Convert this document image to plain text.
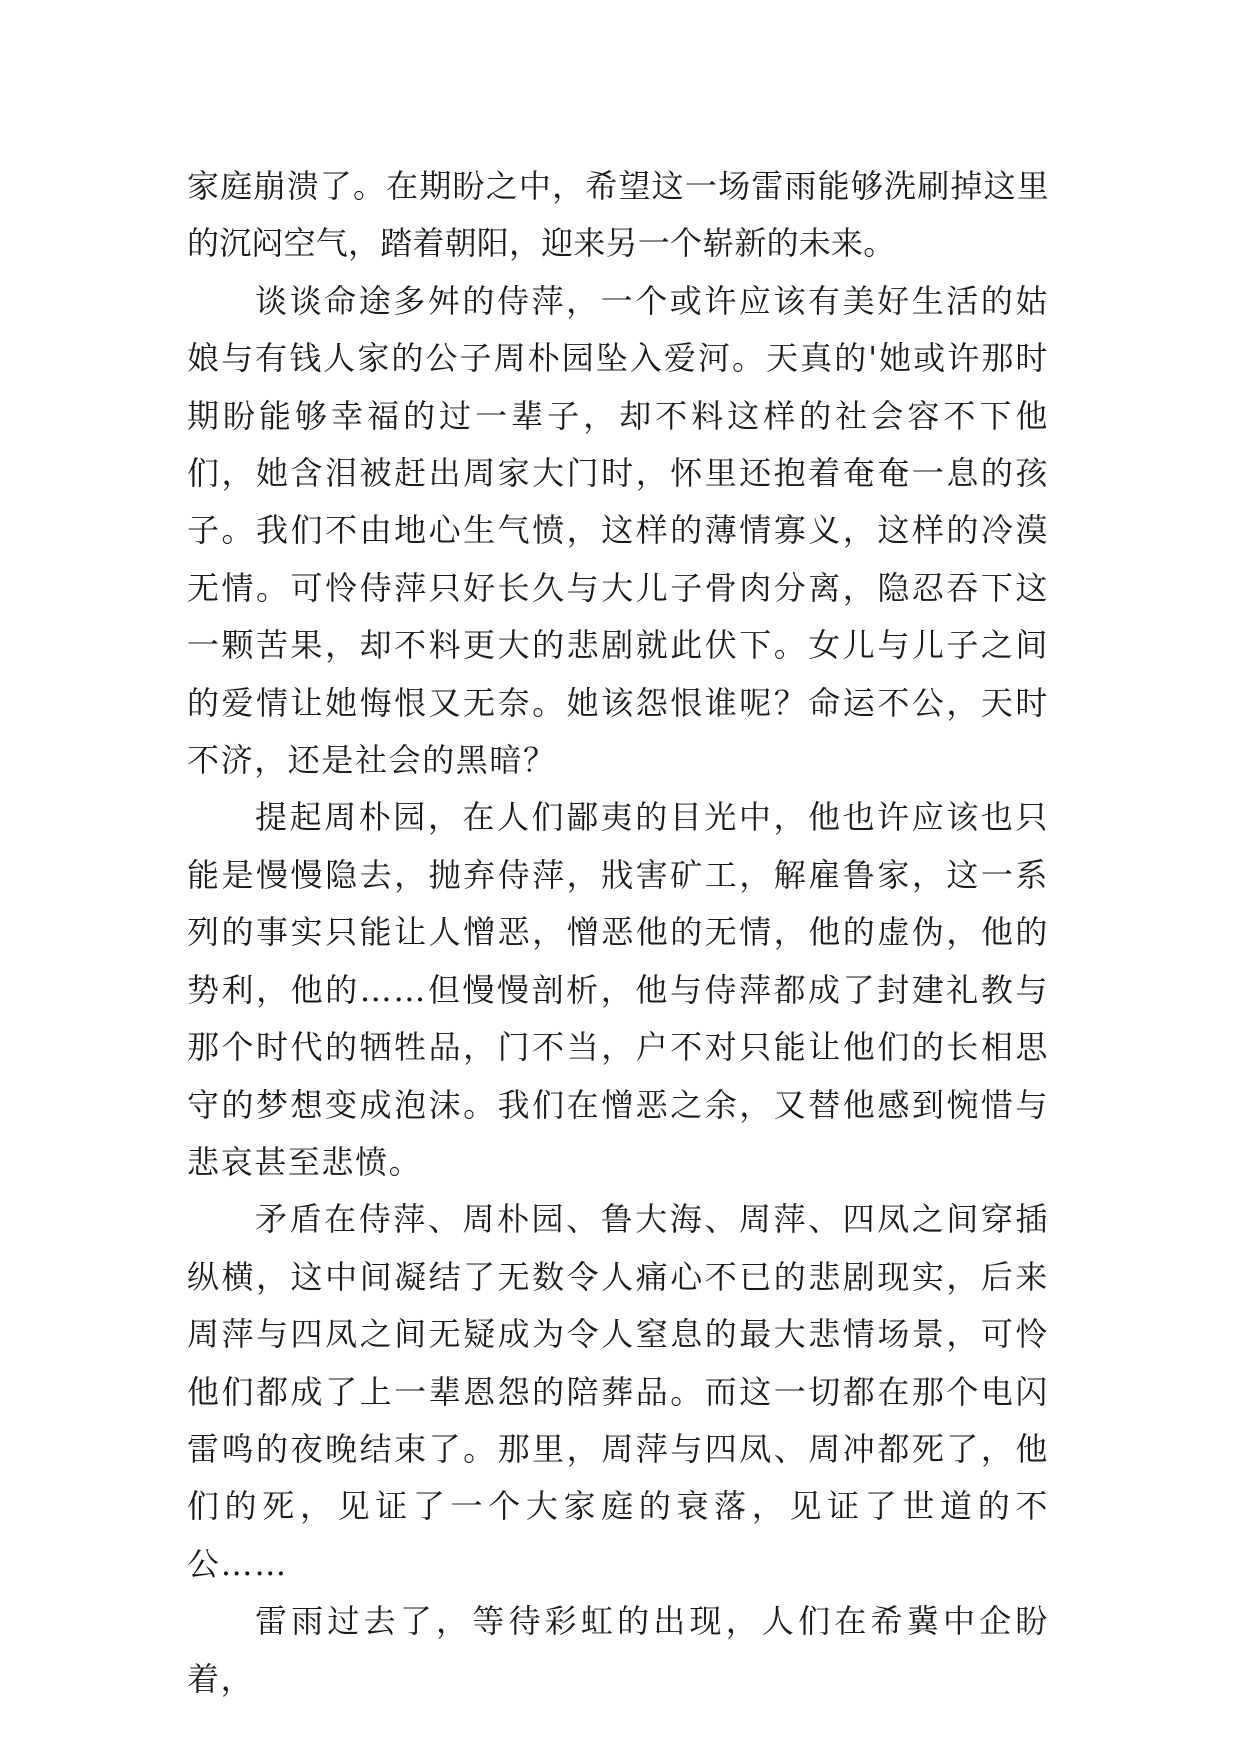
家庭崩溃了。在期盼之中，希望这一场雷雨能够洗刷掉这里的沉闷空气，踏着朝阳，迎来另一个崭新的未来。

谈谈命途多舛的侍萍，一个或许应该有美好生活的姑娘与有钱人家的公子周朴园坠入爱河。天真的'她或许那时期盼能够幸福的过一辈子，却不料这样的社会容不下他们，她含泪被赶出周家大门时，怀里还抱着奄奄一息的孩子。我们不由地心生气愤，这样的薄情寡义，这样的冷漠无情。可怜侍萍只好长久与大儿子骨肉分离，隐忍吞下这一颗苦果，却不料更大的悲剧就此伏下。女儿与儿子之间的爱情让她悔恨又无奈。她该怨恨谁呢？命运不公，天时不济，还是社会的黑暗？

提起周朴园，在人们鄙夷的目光中，他也许应该也只能是慢慢隐去，抛弃侍萍，戕害矿工，解雇鲁家，这一系列的事实只能让人憎恶，憎恶他的无情，他的虚伪，他的势利，他的……但慢慢剖析，他与侍萍都成了封建礼教与那个时代的牺牲品，门不当，户不对只能让他们的长相思守的梦想变成泡沫。我们在憎恶之余，又替他感到惋惜与悲哀甚至悲愤。

矛盾在侍萍、周朴园、鲁大海、周萍、四凤之间穿插纵横，这中间凝结了无数令人痛心不已的悲剧现实，后来周萍与四凤之间无疑成为令人窒息的最大悲情场景，可怜他们都成了上一辈恩怨的陪葬品。而这一切都在那个电闪雷鸣的夜晚结束了。那里，周萍与四凤、周冲都死了，他们的死，见证了一个大家庭的衰落，见证了世道的不公……

雷雨过去了，等待彩虹的出现，人们在希冀中企盼着，
